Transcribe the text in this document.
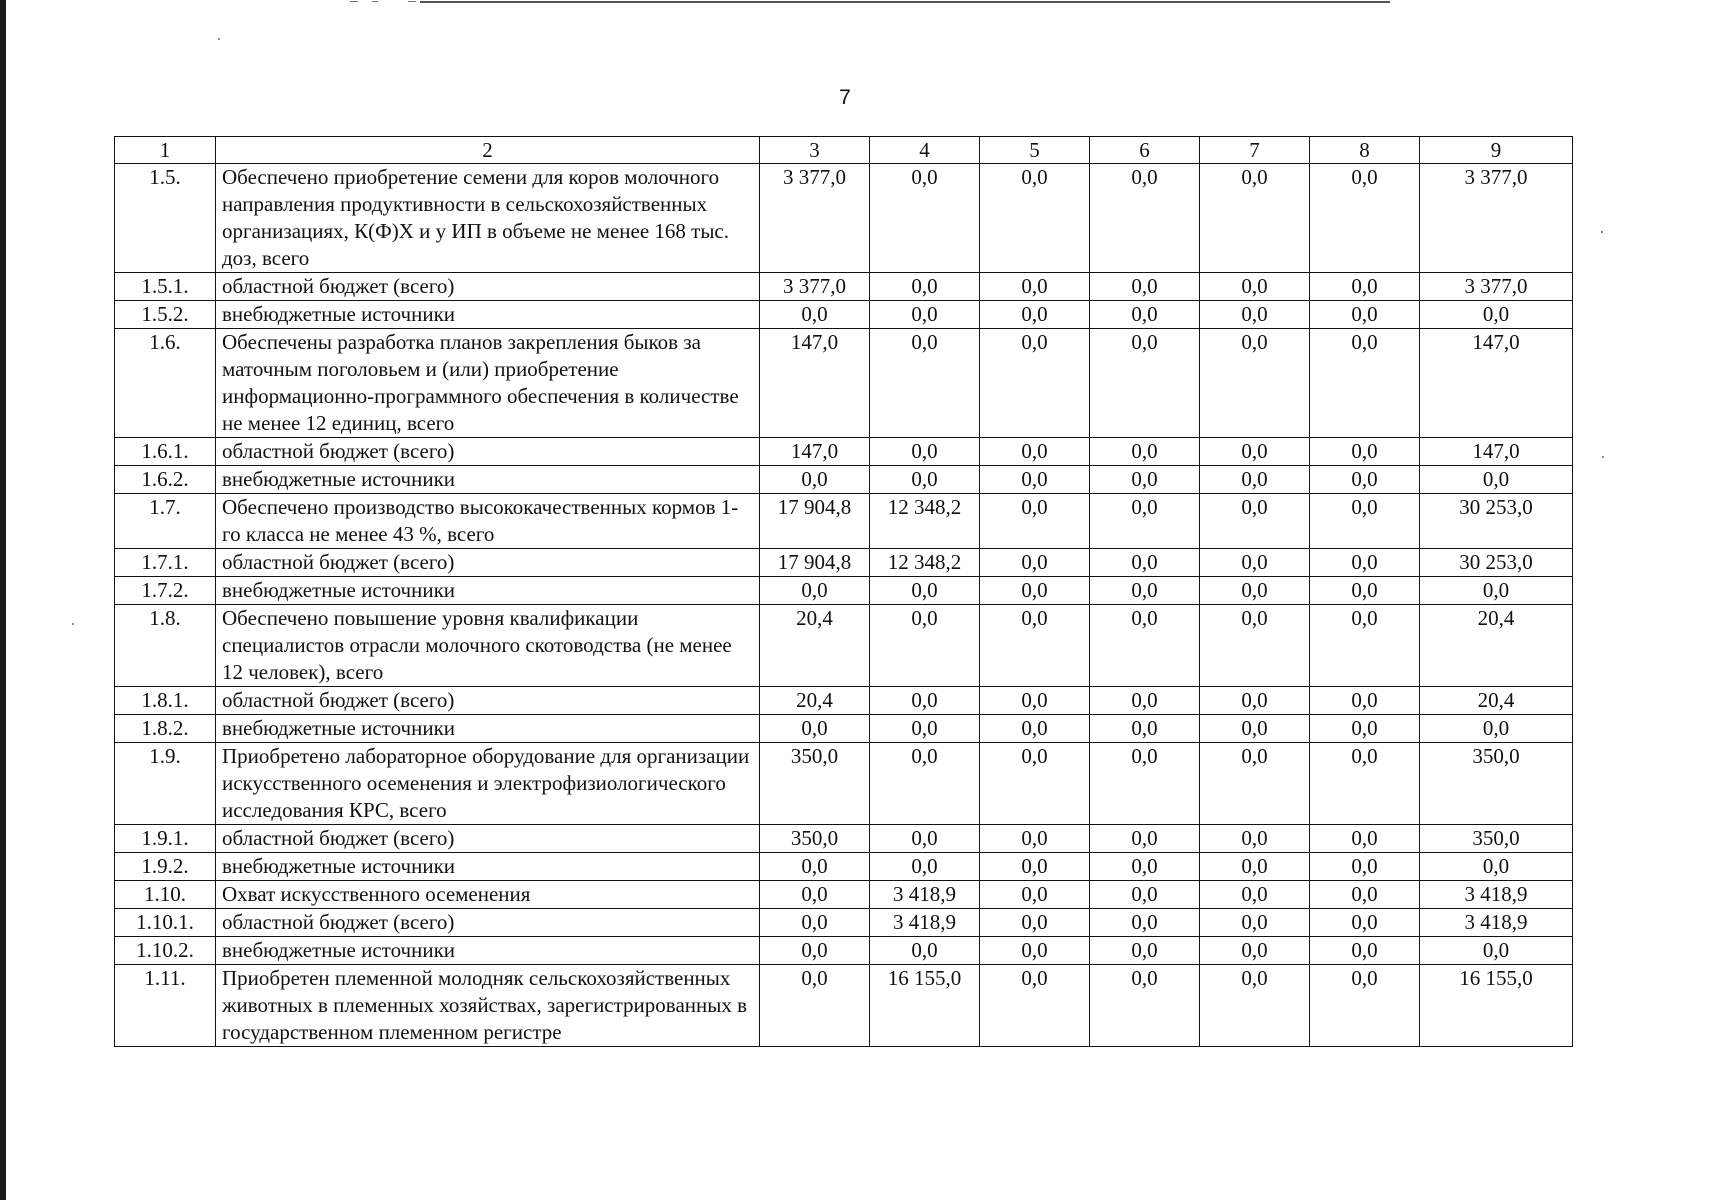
7
1	2	3	4	5	6	7	8	9
1.5.	Обеспечено приобретение семени для коров молочного направления продуктивности в сельскохозяйственных организациях, К(Ф)Х и у ИП в объеме не менее 168 тыс. доз, всего	3 377,0	0,0	0,0	0,0	0,0	0,0	3 377,0
1.5.1.	областной бюджет (всего)	3 377,0	0,0	0,0	0,0	0,0	0,0	3 377,0
1.5.2.	внебюджетные источники	0,0	0,0	0,0	0,0	0,0	0,0	0,0
1.6.	Обеспечены разработка планов закрепления быков за маточным поголовьем и (или) приобретение информационно-программного обеспечения в количестве не менее 12 единиц, всего	147,0	0,0	0,0	0,0	0,0	0,0	147,0
1.6.1.	областной бюджет (всего)	147,0	0,0	0,0	0,0	0,0	0,0	147,0
1.6.2.	внебюджетные источники	0,0	0,0	0,0	0,0	0,0	0,0	0,0
1.7.	Обеспечено производство высококачественных кормов 1-го класса не менее 43 %, всего	17 904,8	12 348,2	0,0	0,0	0,0	0,0	30 253,0
1.7.1.	областной бюджет (всего)	17 904,8	12 348,2	0,0	0,0	0,0	0,0	30 253,0
1.7.2.	внебюджетные источники	0,0	0,0	0,0	0,0	0,0	0,0	0,0
1.8.	Обеспечено повышение уровня квалификации специалистов отрасли молочного скотоводства (не менее 12 человек), всего	20,4	0,0	0,0	0,0	0,0	0,0	20,4
1.8.1.	областной бюджет (всего)	20,4	0,0	0,0	0,0	0,0	0,0	20,4
1.8.2.	внебюджетные источники	0,0	0,0	0,0	0,0	0,0	0,0	0,0
1.9.	Приобретено лабораторное оборудование для организации искусственного осеменения и электрофизиологического исследования КРС, всего	350,0	0,0	0,0	0,0	0,0	0,0	350,0
1.9.1.	областной бюджет (всего)	350,0	0,0	0,0	0,0	0,0	0,0	350,0
1.9.2.	внебюджетные источники	0,0	0,0	0,0	0,0	0,0	0,0	0,0
1.10.	Охват искусственного осеменения	0,0	3 418,9	0,0	0,0	0,0	0,0	3 418,9
1.10.1.	областной бюджет (всего)	0,0	3 418,9	0,0	0,0	0,0	0,0	3 418,9
1.10.2.	внебюджетные источники	0,0	0,0	0,0	0,0	0,0	0,0	0,0
1.11.	Приобретен племенной молодняк сельскохозяйственных животных в племенных хозяйствах, зарегистрированных в государственном племенном регистре	0,0	16 155,0	0,0	0,0	0,0	0,0	16 155,0
